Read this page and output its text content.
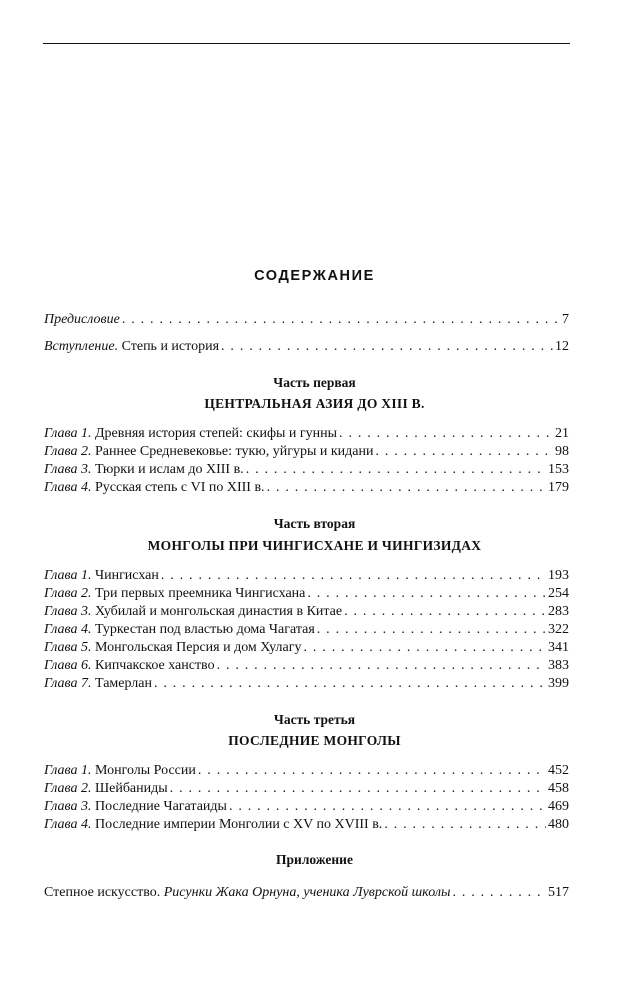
СОДЕРЖАНИЕ
Предисловие . . .	7
Вступление. Степь и история . . .	12
Часть первая
ЦЕНТРАЛЬНАЯ АЗИЯ ДО XIII В.
Глава 1. Древняя история степей: скифы и гунны . . .	21
Глава 2. Раннее Средневековье: тукю, уйгуры и кидани . . .	98
Глава 3. Тюрки и ислам до XIII в. . . .	153
Глава 4. Русская степь с VI по XIII в. . . .	179
Часть вторая
МОНГОЛЫ ПРИ ЧИНГИСХАНЕ И ЧИНГИЗИДАХ
Глава 1. Чингисхан . . .	193
Глава 2. Три первых преемника Чингисхана . . .	254
Глава 3. Хубилай и монгольская династия в Китае . . .	283
Глава 4. Туркестан под властью дома Чагатая . . .	322
Глава 5. Монгольская Персия и дом Хулагу . . .	341
Глава 6. Кипчакское ханство . . .	383
Глава 7. Тамерлан . . .	399
Часть третья
ПОСЛЕДНИЕ МОНГОЛЫ
Глава 1. Монголы России . . .	452
Глава 2. Шейбаниды . . .	458
Глава 3. Последние Чагатаиды . . .	469
Глава 4. Последние империи Монголии с XV по XVIII в. . . .	480
Приложение
Степное искусство. Рисунки Жака Орнуна, ученика Луврской школы . . .	517
